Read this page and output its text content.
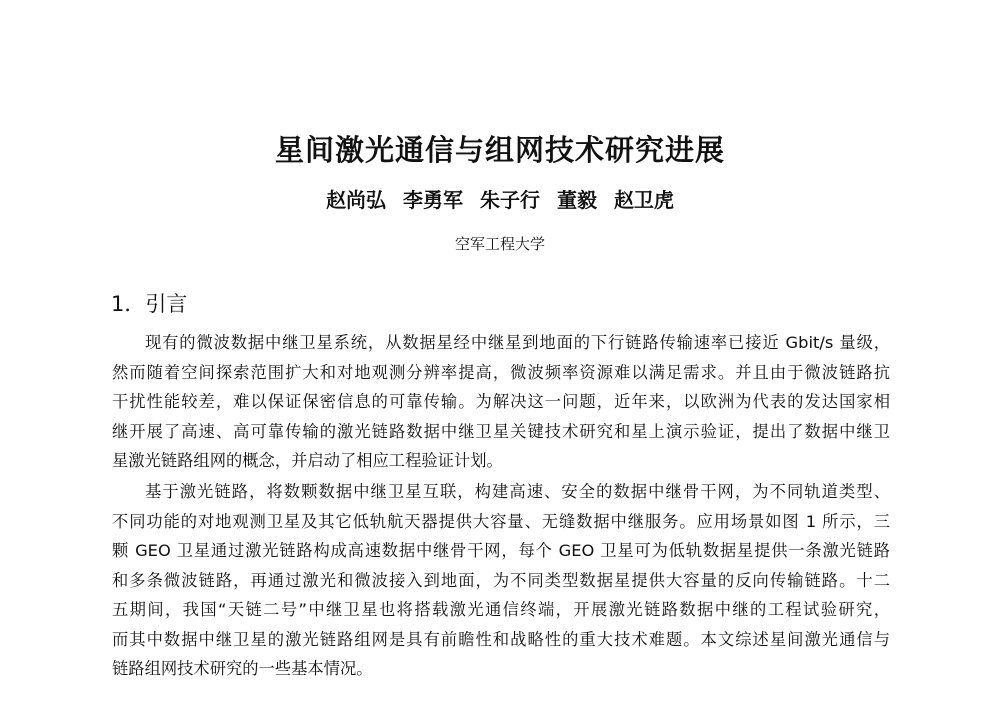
星间激光通信与组网技术研究进展
赵尚弘 李勇军 朱子行 董毅 赵卫虎
空军工程大学
1．引言
现有的微波数据中继卫星系统，从数据星经中继星到地面的下行链路传输速率已接近 Gbit/s 量级，
然而随着空间探索范围扩大和对地观测分辨率提高，微波频率资源难以满足需求。并且由于微波链路抗
干扰性能较差，难以保证保密信息的可靠传输。为解决这一问题，近年来，以欧洲为代表的发达国家相
继开展了高速、高可靠传输的激光链路数据中继卫星关键技术研究和星上演示验证，提出了数据中继卫
星激光链路组网的概念，并启动了相应工程验证计划。
基于激光链路，将数颗数据中继卫星互联，构建高速、安全的数据中继骨干网，为不同轨道类型、
不同功能的对地观测卫星及其它低轨航天器提供大容量、无缝数据中继服务。应用场景如图 1 所示，三
颗 GEO 卫星通过激光链路构成高速数据中继骨干网，每个 GEO 卫星可为低轨数据星提供一条激光链路
和多条微波链路，再通过激光和微波接入到地面，为不同类型数据星提供大容量的反向传输链路。十二
五期间，我国“天链二号”中继卫星也将搭载激光通信终端，开展激光链路数据中继的工程试验研究，
而其中数据中继卫星的激光链路组网是具有前瞻性和战略性的重大技术难题。本文综述星间激光通信与
链路组网技术研究的一些基本情况。
